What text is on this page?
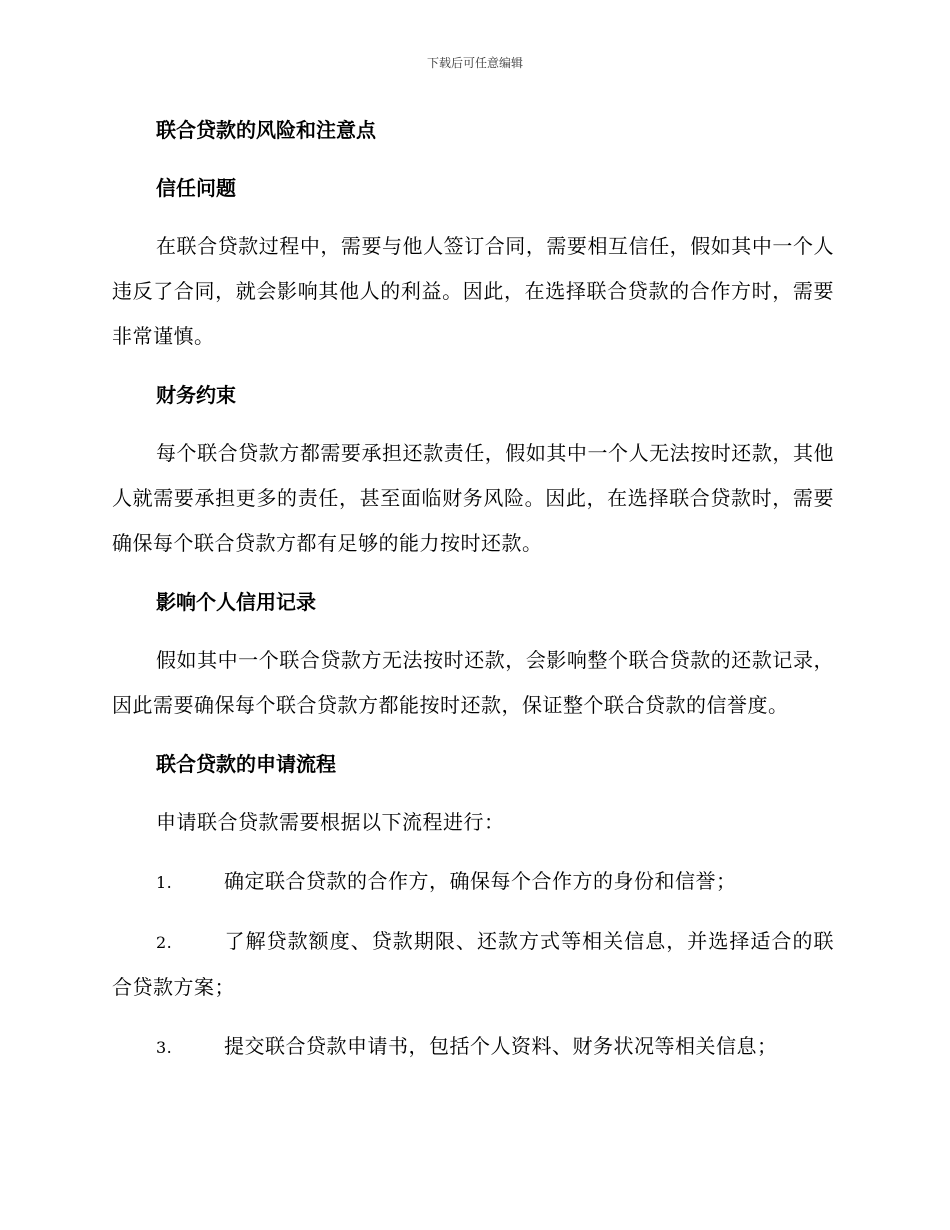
下载后可任意编辑
联合贷款的风险和注意点
信任问题

在联合贷款过程中，需要与他人签订合同，需要相互信任，假如其中一个人违反了合同，就会影响其他人的利益。因此，在选择联合贷款的合作方时，需要非常谨慎。

财务约束

每个联合贷款方都需要承担还款责任，假如其中一个人无法按时还款，其他人就需要承担更多的责任，甚至面临财务风险。因此，在选择联合贷款时，需要确保每个联合贷款方都有足够的能力按时还款。

影响个人信用记录

假如其中一个联合贷款方无法按时还款，会影响整个联合贷款的还款记录，因此需要确保每个联合贷款方都能按时还款，保证整个联合贷款的信誉度。

联合贷款的申请流程
申请联合贷款需要根据以下流程进行：

1.	确定联合贷款的合作方，确保每个合作方的身份和信誉；

2.	了解贷款额度、贷款期限、还款方式等相关信息，并选择适合的联合贷款方案；

3.	提交联合贷款申请书，包括个人资料、财务状况等相关信息；
